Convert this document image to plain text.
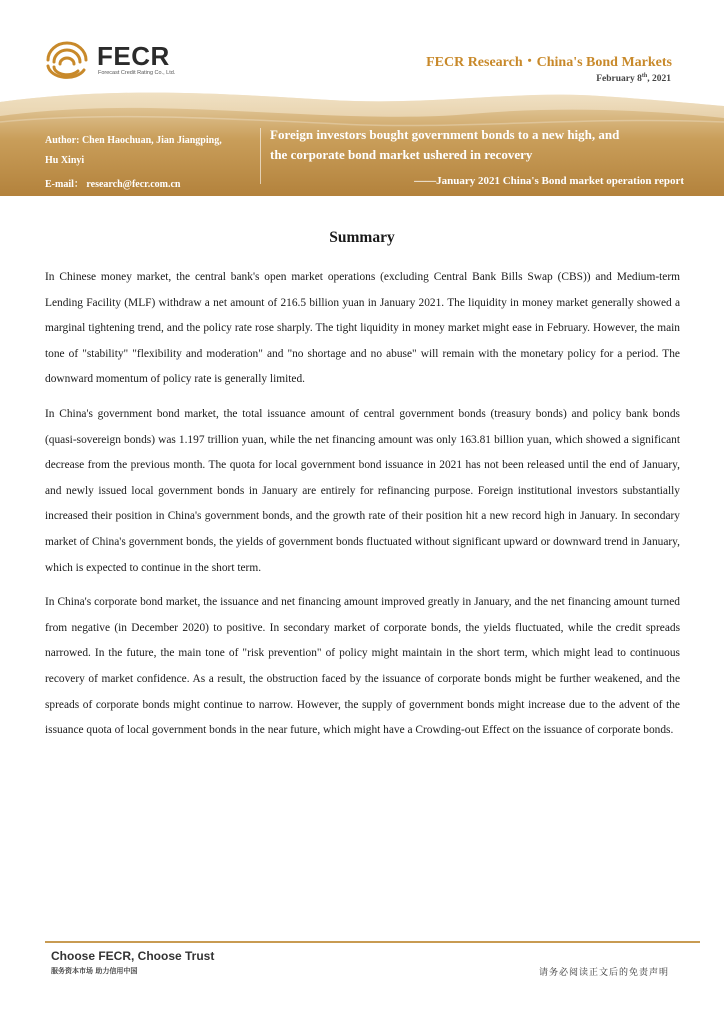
FECR
Forecast Credit Rating Co., Ltd.
FECR Research・China's Bond Markets
February 8th, 2021
Author: Chen Haochuan, Jian Jiangping,
Hu Xinyi
E-mail： research@fecr.com.cn
Foreign investors bought government bonds to a new high, and
the corporate bond market ushered in recovery
——January 2021 China's Bond market operation report
Summary

In Chinese money market, the central bank's open market operations (excluding Central Bank Bills Swap (CBS)) and Medium-term Lending Facility (MLF) withdraw a net amount of 216.5 billion yuan in January 2021. The liquidity in money market generally showed a marginal tightening trend, and the policy rate rose sharply. The tight liquidity in money market might ease in February. However, the main tone of "stability" "flexibility and moderation" and "no shortage and no abuse" will remain with the monetary policy for a period. The downward momentum of policy rate is generally limited.

In China's government bond market, the total issuance amount of central government bonds (treasury bonds) and policy bank bonds (quasi-sovereign bonds) was 1.197 trillion yuan, while the net financing amount was only 163.81 billion yuan, which showed a significant decrease from the previous month. The quota for local government bond issuance in 2021 has not been released until the end of January, and newly issued local government bonds in January are entirely for refinancing purpose. Foreign institutional investors substantially increased their position in China's government bonds, and the growth rate of their position hit a new record high in January. In secondary market of China's government bonds, the yields of government bonds fluctuated without significant upward or downward trend in January, which is expected to continue in the short term.

In China's corporate bond market, the issuance and net financing amount improved greatly in January, and the net financing amount turned from negative (in December 2020) to positive. In secondary market of corporate bonds, the yields fluctuated, while the credit spreads narrowed. In the future, the main tone of "risk prevention" of policy might maintain in the short term, which might lead to continuous recovery of market confidence. As a result, the obstruction faced by the issuance of corporate bonds might be further weakened, and the spreads of corporate bonds might continue to narrow. However, the supply of government bonds might increase due to the advent of the issuance quota of local government bonds in the near future, which might have a Crowding-out Effect on the issuance of corporate bonds.

Choose FECR, Choose Trust
服务资本市场 助力信用中国	请务必阅读正文后的免责声明
